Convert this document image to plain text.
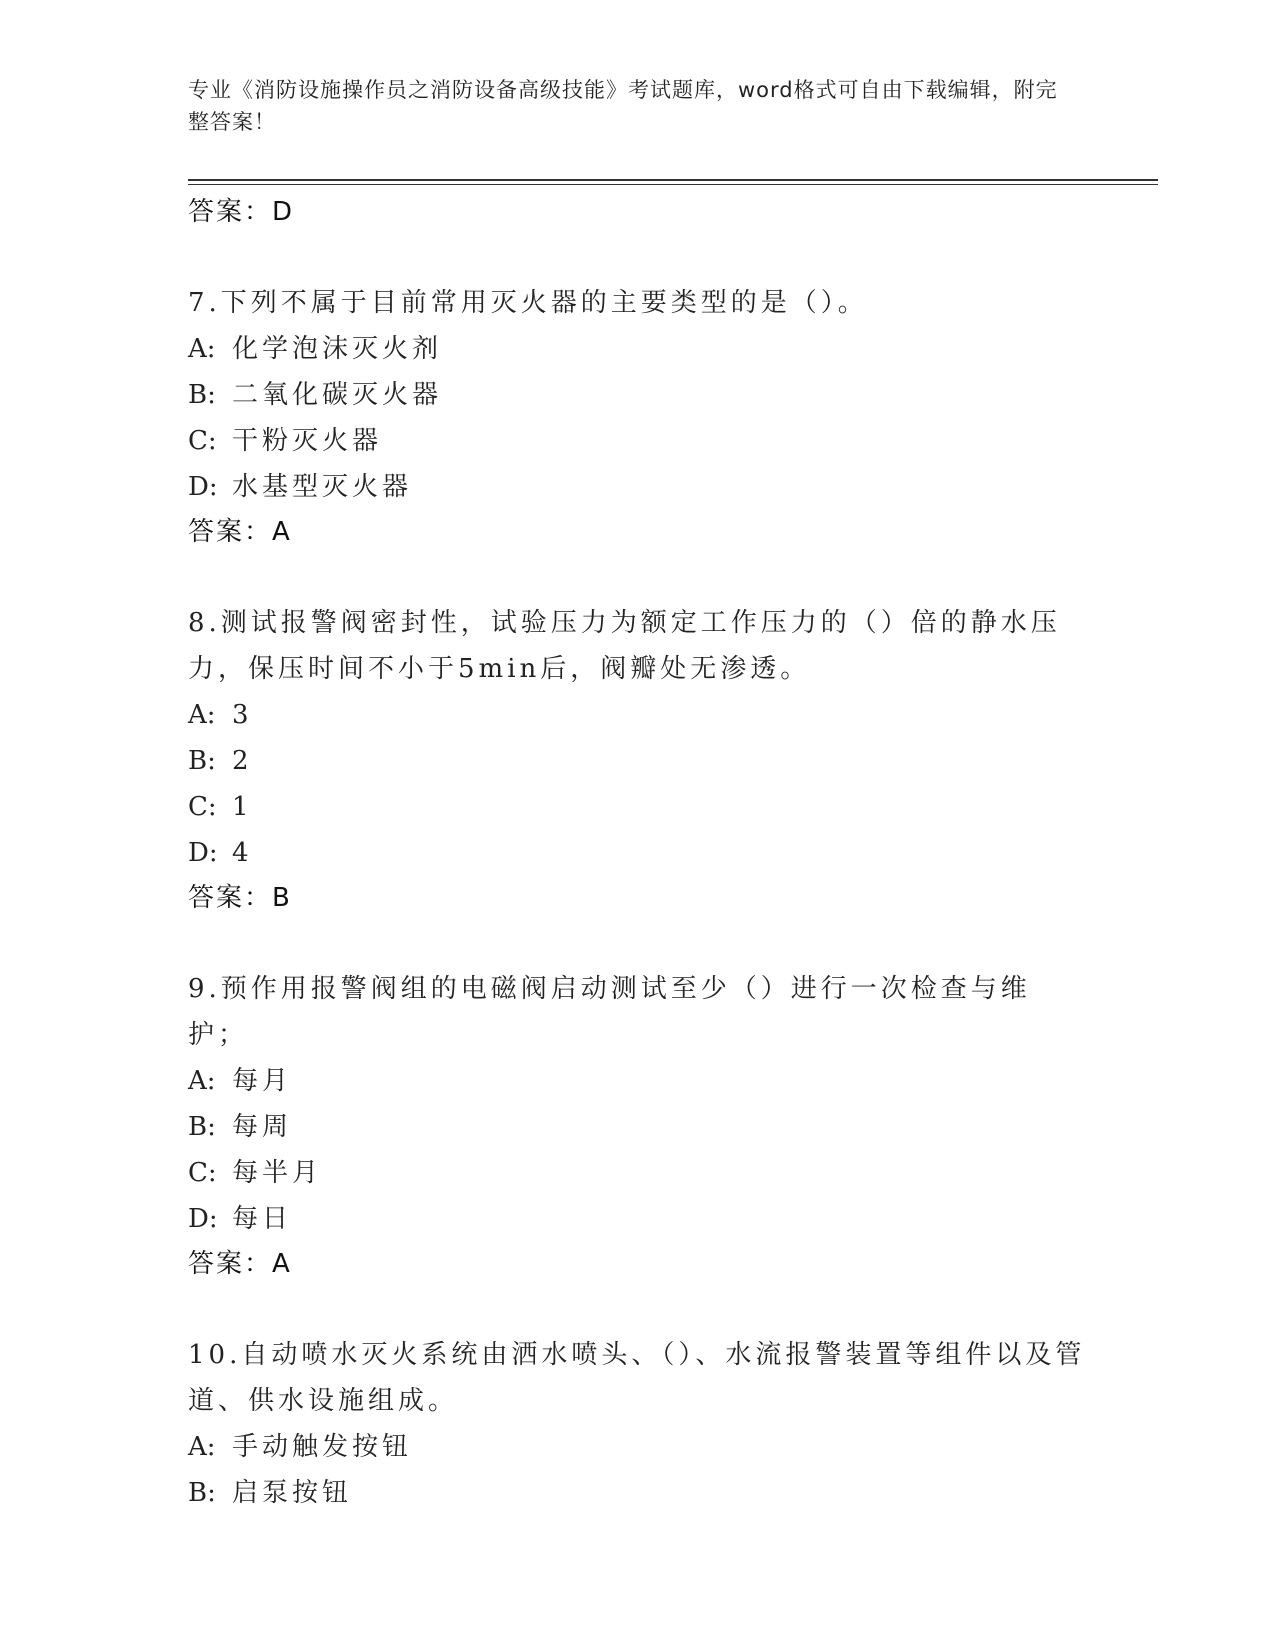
专业《消防设施操作员之消防设备高级技能》考试题库，word格式可自由下载编辑，附完整答案！
答案：D
7.下列不属于目前常用灭火器的主要类型的是（）。
A: 化学泡沫灭火剂
B: 二氧化碳灭火器
C: 干粉灭火器
D: 水基型灭火器
答案：A
8.测试报警阀密封性，试验压力为额定工作压力的（）倍的静水压力，保压时间不小于5min后，阀瓣处无渗透。
A: 3
B: 2
C: 1
D: 4
答案：B
9.预作用报警阀组的电磁阀启动测试至少（）进行一次检查与维护；
A: 每月
B: 每周
C: 每半月
D: 每日
答案：A
10.自动喷水灭火系统由洒水喷头、（）、水流报警装置等组件以及管道、供水设施组成。
A: 手动触发按钮
B: 启泵按钮
